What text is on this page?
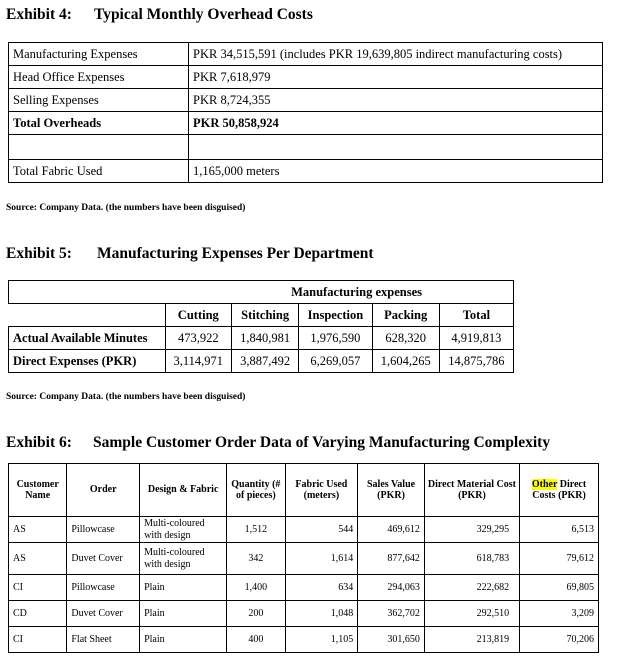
Exhibit 4: Typical Monthly Overhead Costs
Manufacturing Expenses	PKR 34,515,591 (includes PKR 19,639,805 indirect manufacturing costs)
Head Office Expenses	PKR 7,618,979
Selling Expenses	PKR 8,724,355
Total Overheads	PKR 50,858,924

Total Fabric Used	1,165,000 meters
Source: Company Data. (the numbers have been disguised)
Exhibit 5: Manufacturing Expenses Per Department
Manufacturing expenses					
	Cutting	Stitching	Inspection	Packing	Total
Actual Available Minutes	473,922	1,840,981	1,976,590	628,320	4,919,813
Direct Expenses (PKR)	3,114,971	3,887,492	6,269,057	1,604,265	14,875,786
Source: Company Data. (the numbers have been disguised)
Exhibit 6: Sample Customer Order Data of Varying Manufacturing Complexity
Customer Name	Order	Design & Fabric	Quantity (# of pieces)	Fabric Used (meters)	Sales Value (PKR)	Direct Material Cost (PKR)	Other Direct Costs (PKR)
AS	Pillowcase	Multi-coloured with design	1,512	544	469,612	329,295	6,513
AS	Duvet Cover	Multi-coloured with design	342	1,614	877,642	618,783	79,612
CI	Pillowcase	Plain	1,400	634	294,063	222,682	69,805
CD	Duvet Cover	Plain	200	1,048	362,702	292,510	3,209
CI	Flat Sheet	Plain	400	1,105	301,650	213,819	70,206
